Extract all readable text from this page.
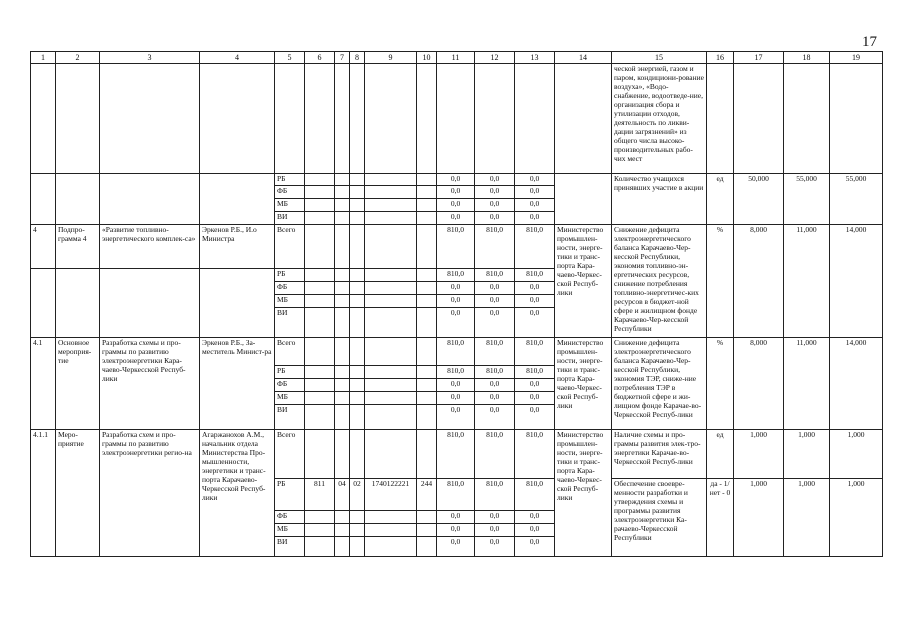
17
1	2	3	4	5	6	7	8	9	10	11	12	13	14	15	16	17	18	19
														ческой энергией, газом и паром, кондициони-рование воздуха», «Водо-снабжение, водоотведе-ние, организация сбора и утилизации отходов, деятельность по ликви-дации загрязнений» из общего числа высоко-производительных рабо-чих мест				
				РБ						0,0	0,0	0,0		Количество учащихся принявших участие в акции	ед	50,000	55,000	55,000
				ФБ						0,0	0,0	0,0						
				МБ						0,0	0,0	0,0						
				ВИ						0,0	0,0	0,0						
4	Подпро-грамма 4	«Развитие топливно-энергетического комплек-са»	Эркенов Р.Б., И.о Министра	Всего						810,0	810,0	810,0	Министерство промышлен-ности, энерге-тики и транс-порта Кара-чаево-Черкес-ской Респуб-лики	Снижение дефицита электроэнергетического баланса Карачаево-Чер-кесской Республики, экономия топливно-эн-ергетических ресурсов, снижение потребления топливно-энергетичес-ких ресурсов в бюджет-ной сфере и жилищном фонде Карачаево-Чер-кесской Республики	%	8,000	11,000	14,000
				РБ						810,0	810,0	810,0						
				ФБ						0,0	0,0	0,0						
				МБ						0,0	0,0	0,0						
				ВИ						0,0	0,0	0,0						
4.1	Основное мероприя-тие	Разработка схемы и про-граммы по развитию электроэнергетики Кара-чаево-Черкесской Респуб-лики	Эркенов Р.Б., За-меститель Минист-ра	Всего						810,0	810,0	810,0	Министерство промышлен-ности, энерге-тики и транс-порта Кара-чаево-Черкес-ской Респуб-лики	Снижение дефицита электроэнергетического баланса Карачаево-Чер-кесской Республики, экономия ТЭР, сниже-ние потребления ТЭР в бюджетной сфере и жи-лищном фонде Карачае-во-Черкесской Респуб-лики	%	8,000	11,000	14,000
				РБ						810,0	810,0	810,0						
				ФБ						0,0	0,0	0,0						
				МБ						0,0	0,0	0,0						
				ВИ						0,0	0,0	0,0						
4.1.1	Меро-приятие	Разработка схем и про-граммы по развитию электроэнергетики регио-на	Агаржанохов А.М., начальник отдела Министерства Про-мышленности, энергетики и транс-порта Карачаево-Черкесской Респуб-лики	Всего						810,0	810,0	810,0	Министерство промышлен-ности, энерге-тики и транс-порта Кара-чаево-Черкес-ской Респуб-лики	Наличие схемы и про-граммы развития элек-тро-энергетики Карачае-во-Черкесской Респуб-лики	ед	1,000	1,000	1,000
				РБ	811	04	02	1740122221	244	810,0	810,0	810,0		Обеспечение своевре-менности разработки и утверждения схемы и программы развития электроэнергетики Ка-рачаево-Черкесской Республики	да - 1/нет - 0	1,000	1,000	1,000
				ФБ						0,0	0,0	0,0						
				МБ						0,0	0,0	0,0						
				ВИ						0,0	0,0	0,0						
